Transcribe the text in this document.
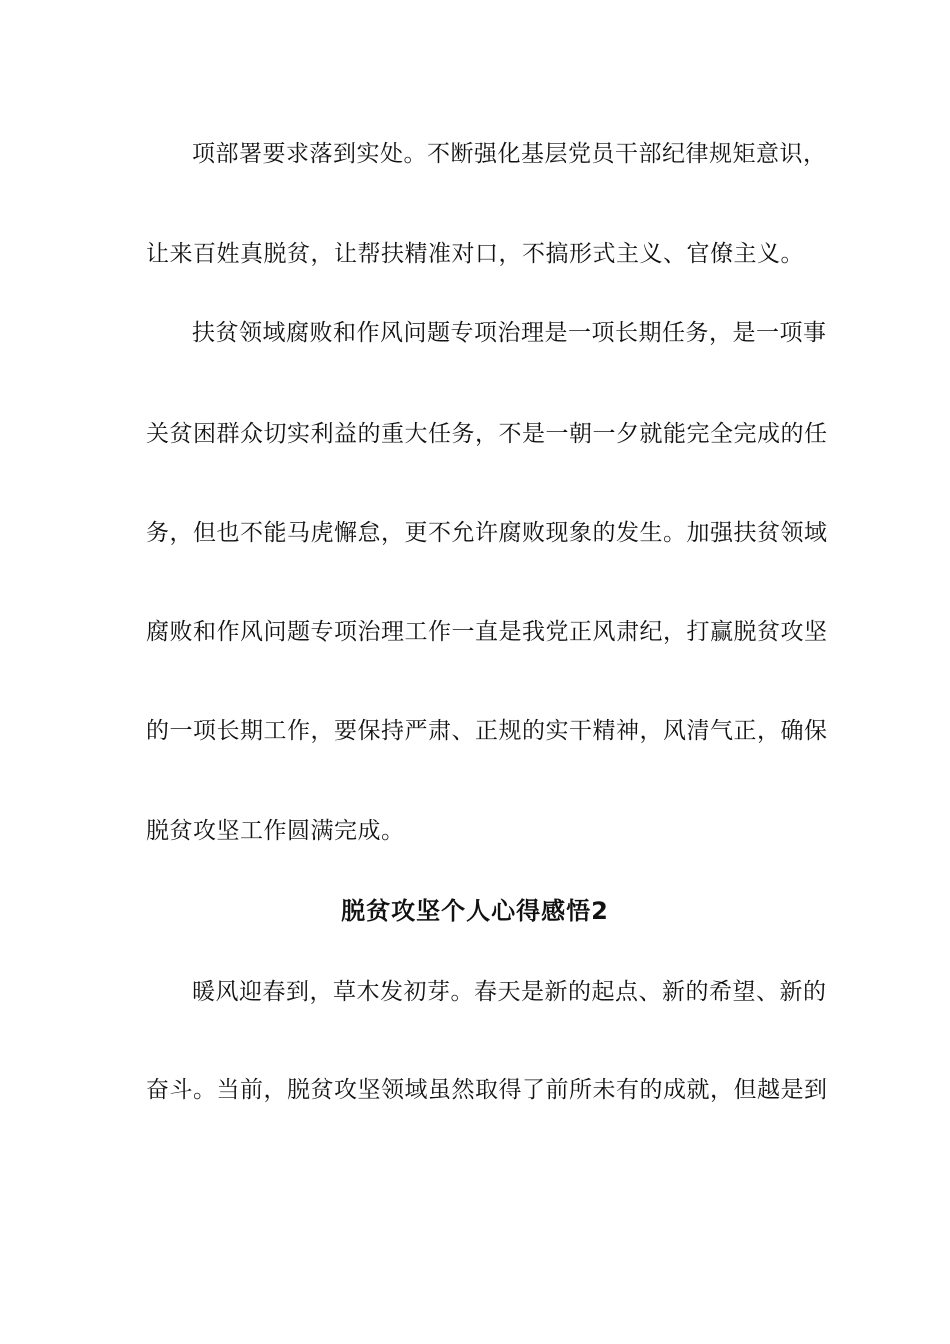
项部署要求落到实处。不断强化基层党员干部纪律规矩意识，
让来百姓真脱贫，让帮扶精准对口，不搞形式主义、官僚主义。
扶贫领域腐败和作风问题专项治理是一项长期任务，是一项事
关贫困群众切实利益的重大任务，不是一朝一夕就能完全完成的任
务，但也不能马虎懈怠，更不允许腐败现象的发生。加强扶贫领域
腐败和作风问题专项治理工作一直是我党正风肃纪，打赢脱贫攻坚
的一项长期工作，要保持严肃、正规的实干精神，风清气正，确保
脱贫攻坚工作圆满完成。
脱贫攻坚个人心得感悟2
暖风迎春到，草木发初芽。春天是新的起点、新的希望、新的
奋斗。当前，脱贫攻坚领域虽然取得了前所未有的成就，但越是到
